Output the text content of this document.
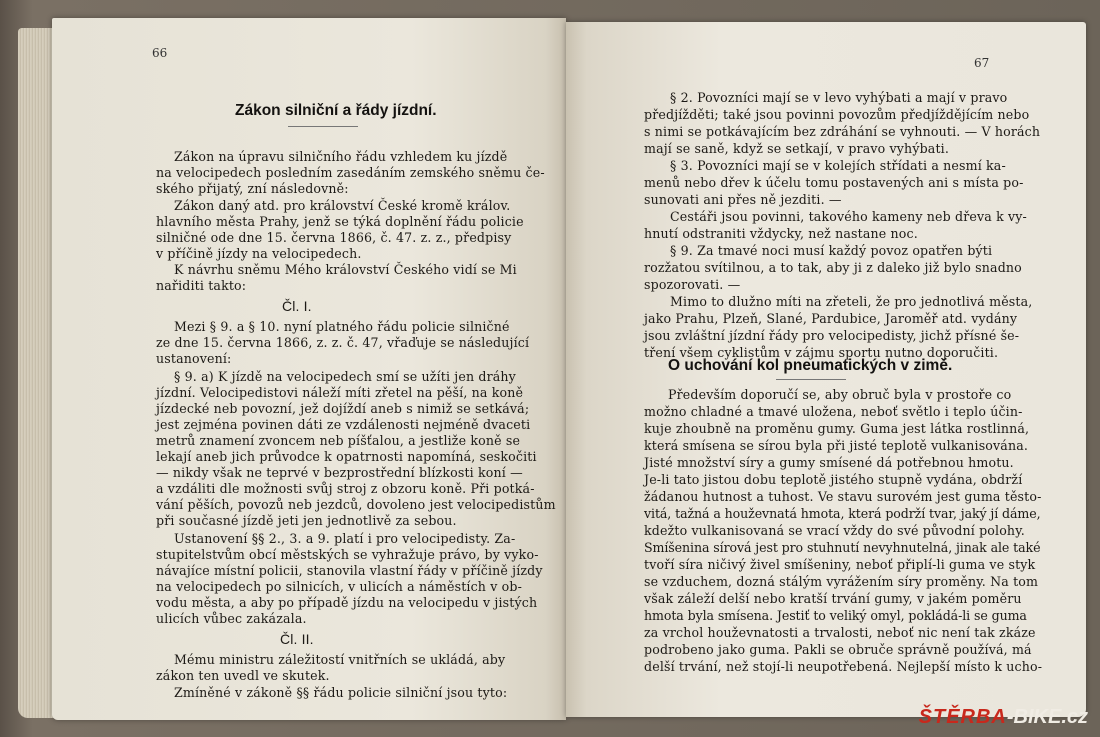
66
Zákon silniční a řády jízdní.
Zákon na úpravu silničního řádu vzhledem ku jízdě
na velocipedech posledním zasedáním zemského sněmu če-
ského přijatý, zní následovně:
Zákon daný atd. pro království České kromě králov.
hlavního města Prahy, jenž se týká doplnění řádu policie
silničné ode dne 15. června 1866, č. 47. z. z., předpisy
v příčině jízdy na velocipedech.
K návrhu sněmu Mého království Českého vidí se Mi
nařiditi takto:
Čl. I.
Mezi § 9. a § 10. nyní platného řádu policie silničné
ze dne 15. června 1866, z. z. č. 47, vřaďuje se následující
ustanovení:
§ 9. a) K jízdě na velocipedech smí se užíti jen dráhy
jízdní. Velocipedistovi náleží míti zřetel na pěší, na koně
jízdecké neb povozní, jež dojíždí aneb s nimiž se setkává;
jest zejména povinen dáti ze vzdálenosti nejméně dvaceti
metrů znamení zvoncem neb píšťalou, a jestliže koně se
lekají aneb jich průvodce k opatrnosti napomíná, seskočiti
— nikdy však ne teprvé v bezprostřední blízkosti koní —
a vzdáliti dle možnosti svůj stroj z obzoru koně. Při potká-
vání pěších, povozů neb jezdců, dovoleno jest velocipedistům
při současné jízdě jeti jen jednotlivě za sebou.
Ustanovení §§ 2., 3. a 9. platí i pro velocipedisty. Za-
stupitelstvům obcí městských se vyhražuje právo, by vyko-
návajíce místní policii, stanovila vlastní řády v příčině jízdy
na velocipedech po silnicích, v ulicích a náměstích v ob-
vodu města, a aby po případě jízdu na velocipedu v jistých
ulicích vůbec zakázala.
Čl. II.
Mému ministru záležitostí vnitřních se ukládá, aby
zákon ten uvedl ve skutek.
Zmíněné v zákoně §§ řádu policie silniční jsou tyto:
67
§ 2. Povozníci mají se v levo vyhýbati a mají v pravo
předjížděti; také jsou povinni povozům předjíždějícím nebo
s nimi se potkávajícím bez zdráhání se vyhnouti. — V horách
mají se saně, když se setkají, v pravo vyhýbati.
§ 3. Povozníci mají se v kolejích střídati a nesmí ka-
menů nebo dřev k účelu tomu postavených ani s místa po-
sunovati ani přes ně jezditi. —
Cestáři jsou povinni, takového kameny neb dřeva k vy-
hnutí odstraniti vždycky, než nastane noc.
§ 9. Za tmavé noci musí každý povoz opatřen býti
rozžatou svítilnou, a to tak, aby ji z daleko již bylo snadno
spozorovati. —
Mimo to dlužno míti na zřeteli, že pro jednotlivá města,
jako Prahu, Plzeň, Slané, Pardubice, Jaroměř atd. vydány
jsou zvláštní jízdní řády pro velocipedisty, jichž přísné še-
tření všem cyklistům v zájmu sportu nutno doporučiti.
O uchování kol pneumatických v zimě.
Především doporučí se, aby obruč byla v prostoře co
možno chladné a tmavé uložena, neboť světlo i teplo účin-
kuje zhoubně na proměnu gumy. Guma jest látka rostlinná,
která smísena se sírou byla při jisté teplotě vulkanisována.
Jisté množství síry a gumy smísené dá potřebnou hmotu.
Je-li tato jistou dobu teplotě jistého stupně vydána, obdrží
žádanou hutnost a tuhost. Ve stavu surovém jest guma těsto-
vitá, tažná a houževnatá hmota, která podrží tvar, jaký jí dáme,
kdežto vulkanisovaná se vrací vždy do své původní polohy.
Smíšenina sírová jest pro stuhnutí nevyhnutelná, jinak ale také
tvoří síra ničivý živel smíšeniny, neboť připlí-li guma ve styk
se vzduchem, dozná stálým vyrážením síry proměny. Na tom
však záleží delší nebo kratší trvání gumy, v jakém poměru
hmota byla smísena. Jestiť to veliký omyl, pokládá-li se guma
za vrchol houževnatosti a trvalosti, neboť nic není tak zkáze
podrobeno jako guma. Pakli se obruče správně používá, má
delší trvání, než stojí-li neupotřebená. Nejlepší místo k ucho-
ŠTĚRBA-BIKE.cz
